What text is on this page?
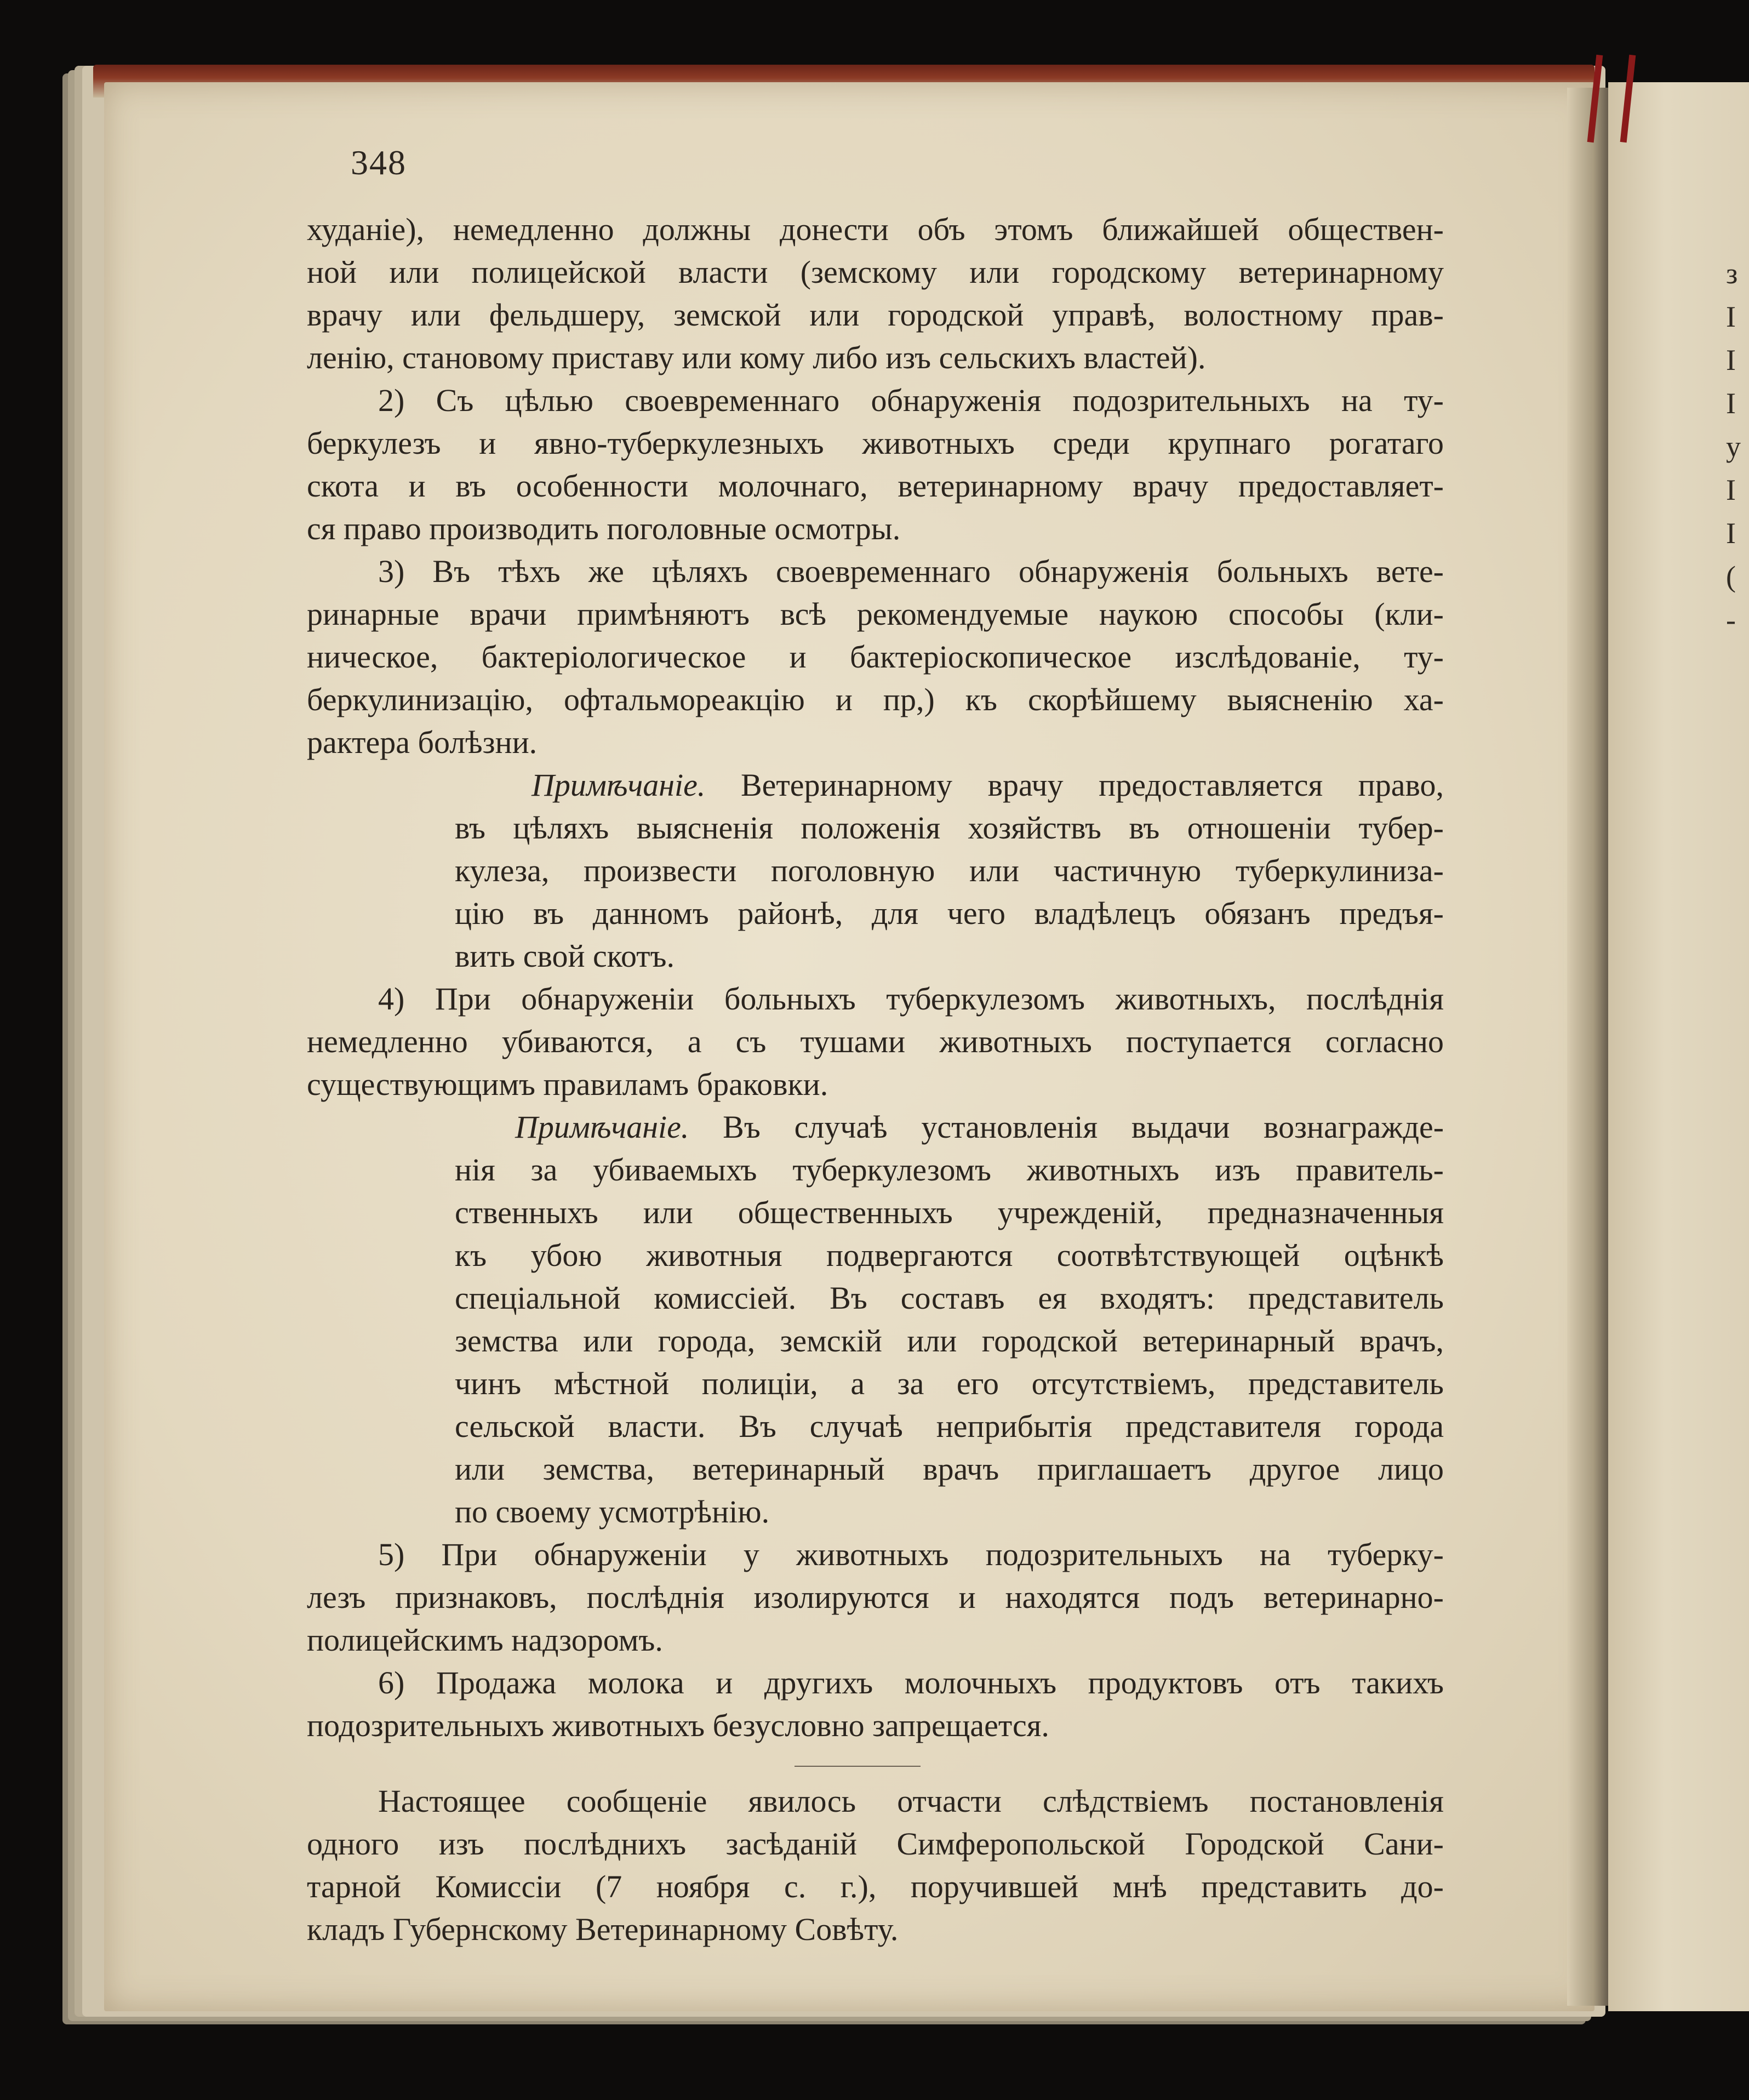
з
I
I
I
у
I
I
(
-
348
худаніе), немедленно должны донести объ этомъ ближайшей обществен-
ной или полицейской власти (земскому или городскому ветеринарному
врачу или фельдшеру, земской или городской управѣ, волостному прав-
ленію, становому приставу или кому либо изъ сельскихъ властей).
2) Съ цѣлью своевременнаго обнаруженія подозрительныхъ на ту-
беркулезъ и явно-туберкулезныхъ животныхъ среди крупнаго рогатаго
скота и въ особенности молочнаго, ветеринарному врачу предоставляет-
ся право производить поголовные осмотры.
3) Въ тѣхъ же цѣляхъ своевременнаго обнаруженія больныхъ вете-
ринарные врачи примѣняютъ всѣ рекомендуемые наукою способы (кли-
ническое, бактеріологическое и бактеріоскопическое изслѣдованіе, ту-
беркулинизацію, офтальмореакцію и пр,) къ скорѣйшему выясненію ха-
рактера болѣзни.
Примѣчаніе. Ветеринарному врачу предоставляется право,
въ цѣляхъ выясненія положенія хозяйствъ въ отношеніи тубер-
кулеза, произвести поголовную или частичную туберкулиниза-
цію въ данномъ районѣ, для чего владѣлецъ обязанъ предъя-
вить свой скотъ.
4) При обнаруженіи больныхъ туберкулезомъ животныхъ, послѣднія
немедленно убиваются, а съ тушами животныхъ поступается согласно
существующимъ правиламъ браковки.
Примѣчаніе. Въ случаѣ установленія выдачи вознагражде-
нія за убиваемыхъ туберкулезомъ животныхъ изъ правитель-
ственныхъ или общественныхъ учрежденій, предназначенныя
къ убою животныя подвергаются соотвѣтствующей оцѣнкѣ
спеціальной комиссіей. Въ составъ ея входятъ: представитель
земства или города, земскій или городской ветеринарный врачъ,
чинъ мѣстной полиціи, а за его отсутствіемъ, представитель
сельской власти. Въ случаѣ неприбытія представителя города
или земства, ветеринарный врачъ приглашаетъ другое лицо
по своему усмотрѣнію.
5) При обнаруженіи у животныхъ подозрительныхъ на туберку-
лезъ признаковъ, послѣднія изолируются и находятся подъ ветеринарно-
полицейскимъ надзоромъ.
6) Продажа молока и другихъ молочныхъ продуктовъ отъ такихъ
подозрительныхъ животныхъ безусловно запрещается.
Настоящее сообщеніе явилось отчасти слѣдствіемъ постановленія
одного изъ послѣднихъ засѣданій Симферопольской Городской Сани-
тарной Комиссіи (7 ноября с. г.), поручившей мнѣ представить до-
кладъ Губернскому Ветеринарному Совѣту.
